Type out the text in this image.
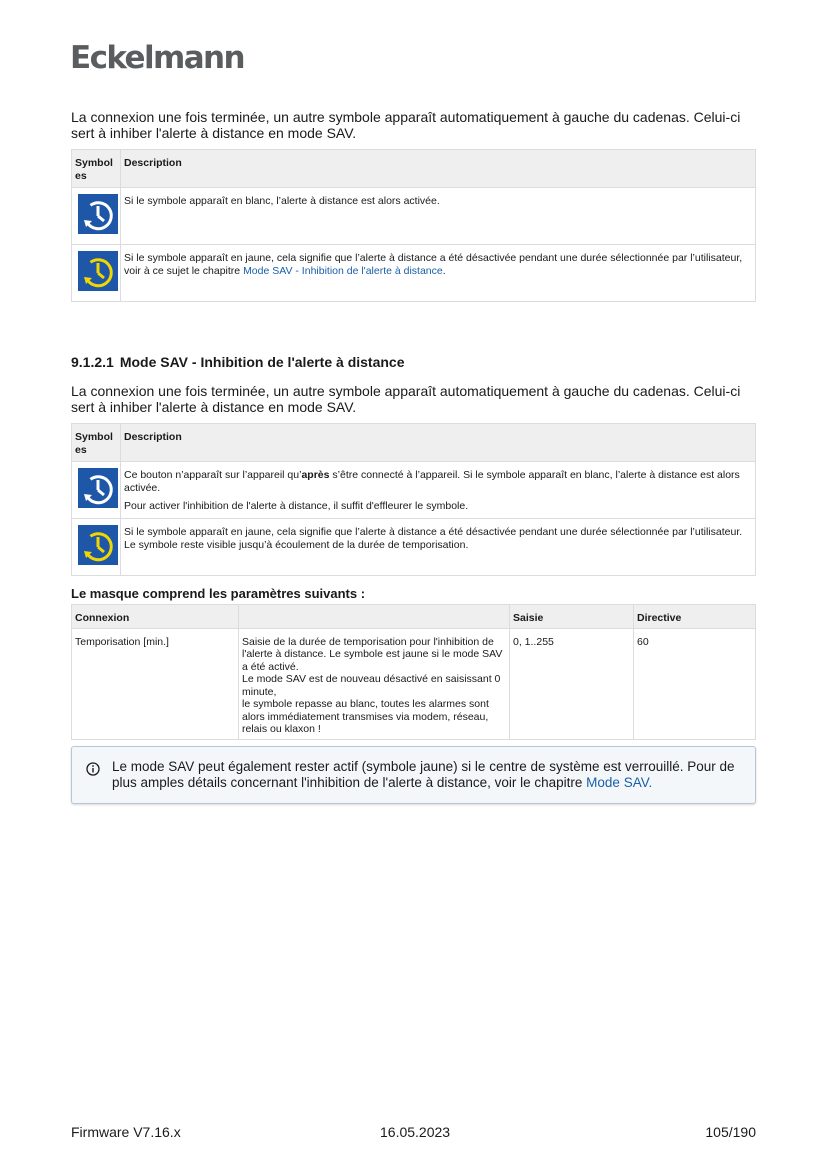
Eckelmann

La connexion une fois terminée, un autre symbole apparaît automatiquement à gauche du cadenas. Celui-ci sert à inhiber l'alerte à distance en mode SAV.

Symbol
es	Description

	Si le symbole apparaît en blanc, l’alerte à distance est alors activée.

	Si le symbole apparaît en jaune, cela signifie que l’alerte à distance a été désactivée pendant une durée sélectionnée par l’utilisateur, voir à ce sujet le chapitre Mode SAV - Inhibition de l'alerte à distance.
9.1.2.1 Mode SAV - Inhibition de l'alerte à distance

La connexion une fois terminée, un autre symbole apparaît automatiquement à gauche du cadenas. Celui-ci sert à inhiber l'alerte à distance en mode SAV.

Symbol
es	Description

Ce bouton n’apparaît sur l’appareil qu’après s’être connecté à l’appareil. Si le symbole apparaît en blanc, l’alerte à distance est alors activée.

Pour activer l'inhibition de l'alerte à distance, il suffit d'effleurer le symbole.

	Si le symbole apparaît en jaune, cela signifie que l’alerte à distance a été désactivée pendant une durée sélectionnée par l’utilisateur. Le symbole reste visible jusqu’à écoulement de la durée de temporisation.
Le masque comprend les paramètres suivants :
Connexion		Saisie	Directive
Temporisation [min.]	Saisie de la durée de temporisation pour l'inhibition de l'alerte à distance. Le symbole est jaune si le mode SAV a été activé.
Le mode SAV est de nouveau désactivé en saisissant 0 minute,
le symbole repasse au blanc, toutes les alarmes sont alors immédiatement transmises via modem, réseau, relais ou klaxon !	0, 1..255	60
Le mode SAV peut également rester actif (symbole jaune) si le centre de système est verrouillé. Pour de plus amples détails concernant l'inhibition de l'alerte à distance, voir le chapitre Mode SAV.
Firmware V7.16.x	16.05.2023	105/190
